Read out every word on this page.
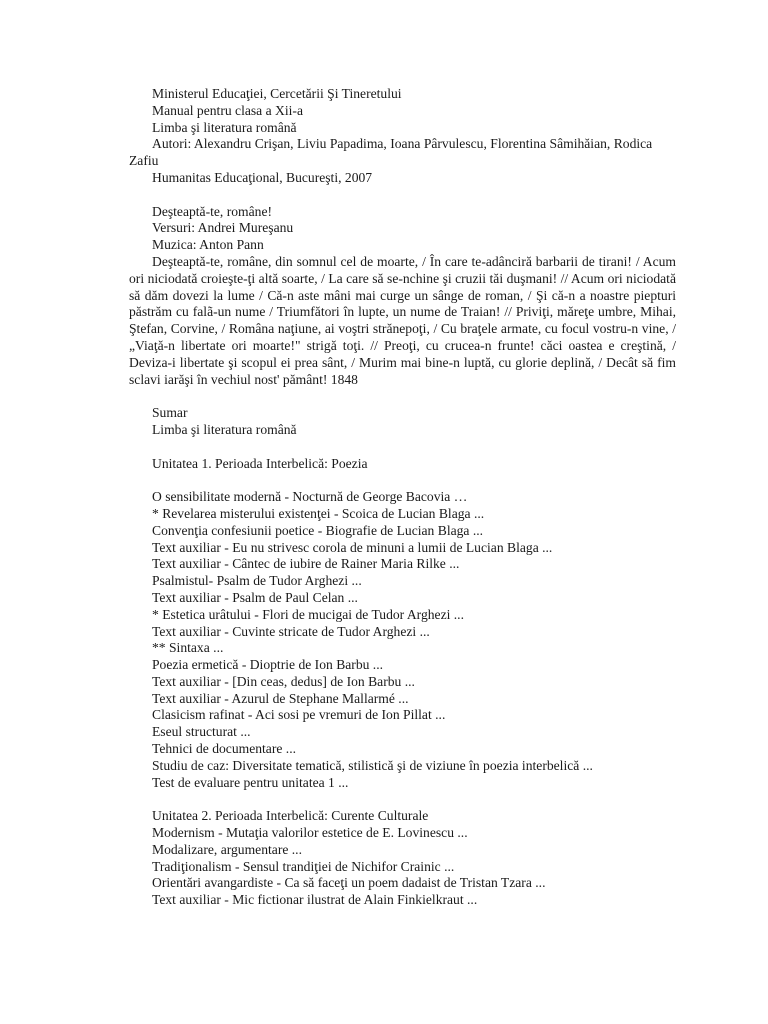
Ministerul Educaţiei, Cercetării Şi Tineretului

Manual pentru clasa a Xii-a

Limba şi literatura română

Autori: Alexandru Crişan, Liviu Papadima, Ioana Pârvulescu, Florentina Sâmihăian, Rodica Zafiu

Humanitas Educaţional, Bucureşti, 2007

Deşteaptă-te, române!

Versuri: Andrei Mureşanu

Muzica: Anton Pann

Deşteaptă-te, române, din somnul cel de moarte, / În care te-adânciră barbarii de tirani! / Acum ori niciodată croieşte-ţi altă soarte, / La care să se-nchine şi cruzii tăi duşmani! // Acum ori niciodată să dăm dovezi la lume / Că-n aste mâni mai curge un sânge de roman, / Şi că-n a noastre piepturi păstrăm cu falã-un nume / Triumfători în lupte, un nume de Traian! // Priviţi, măreţe umbre, Mihai, Ştefan, Corvine, / Româna naţiune, ai voştri strănepoţi, / Cu braţele armate, cu focul vostru-n vine, / „Viaţă-n libertate ori moarte!" strigă toţi. // Preoţi, cu crucea-n frunte! căci oastea e creştină, / Deviza-i libertate şi scopul ei prea sânt, / Murim mai bine-n luptă, cu glorie deplină, / Decât să fim sclavi iarăşi în vechiul nost' pământ! 1848

Sumar

Limba şi literatura română

Unitatea 1. Perioada Interbelică: Poezia

O sensibilitate modernă - Nocturnă de George Bacovia …

* Revelarea misterului existenţei - Scoica de Lucian Blaga ...

Convenţia confesiunii poetice - Biografie de Lucian Blaga ...

Text auxiliar - Eu nu strivesc corola de minuni a lumii de Lucian Blaga ...

Text auxiliar - Cântec de iubire de Rainer Maria Rilke ...

Psalmistul- Psalm de Tudor Arghezi ...

Text auxiliar - Psalm de Paul Celan ...

* Estetica urâtului - Flori de mucigai de Tudor Arghezi ...

Text auxiliar - Cuvinte stricate de Tudor Arghezi ...

** Sintaxa ...

Poezia ermetică - Dioptrie de Ion Barbu ...

Text auxiliar - [Din ceas, dedus] de Ion Barbu ...

Text auxiliar - Azurul de Stephane Mallarmé ...

Clasicism rafinat - Aci sosi pe vremuri de Ion Pillat ...

Eseul structurat ...

Tehnici de documentare ...

Studiu de caz: Diversitate tematică, stilistică şi de viziune în poezia interbelică ...

Test de evaluare pentru unitatea 1 ...

Unitatea 2. Perioada Interbelică: Curente Culturale

Modernism - Mutaţia valorilor estetice de E. Lovinescu ...

Modalizare, argumentare ...

Tradiţionalism - Sensul trandiţiei de Nichifor Crainic ...

Orientări avangardiste - Ca să faceţi un poem dadaist de Tristan Tzara ...

Text auxiliar - Mic fictionar ilustrat de Alain Finkielkraut ...
